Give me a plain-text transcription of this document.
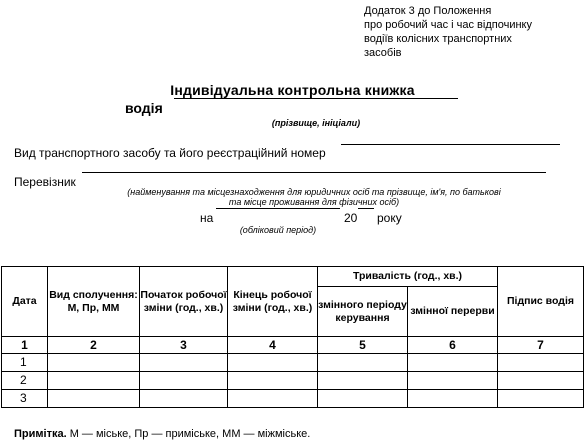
Додаток 3 до Положення
про робочий час і час відпочинку
водіїв колісних транспортних
засобів
Індивідуальна контрольна книжка
водія
(прізвище, ініціали)
Вид транспортного засобу та його реєстраційний номер
Перевізник
(найменування та місцезнаходження для юридичних осіб та прізвище, ім'я, по батькові
та місце проживання для фізичних осіб)
на	20 року
(обліковий період)
Дата	Вид сполучення: М, Пр, ММ	Початок робочої зміни (год., хв.)	Кінець робочої зміни (год., хв.)	Тривалість (год., хв.)		Підпис водія
				змінного періоду керування	змінної перерви	
1	2	3	4	5	6	7
1						
2						
3						
Примітка. М — міське, Пр — приміське, ММ — міжміське.
